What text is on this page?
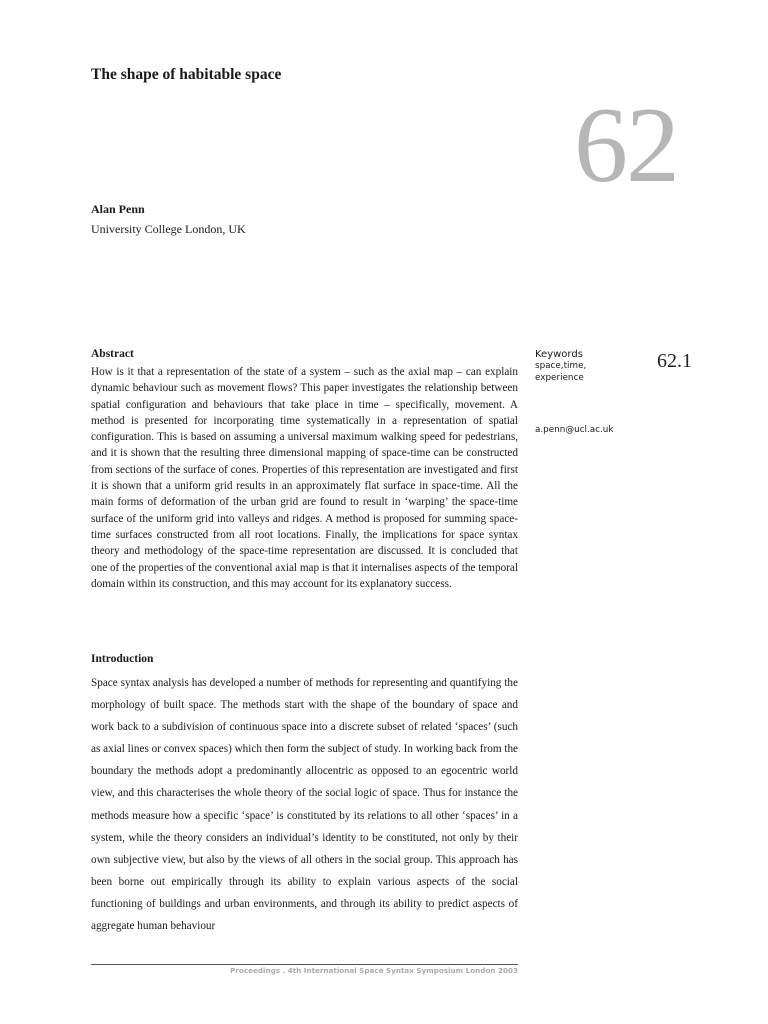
The shape of habitable space
62
Alan Penn
University College London, UK
Abstract

How is it that a representation of the state of a system – such as the axial map – can explain dynamic behaviour such as movement flows? This paper investigates the relationship between spatial configuration and behaviours that take place in time – specifically, movement. A method is presented for incorporating time systematically in a representation of spatial configuration. This is based on assuming a universal maximum walking speed for pedestrians, and it is shown that the resulting three dimensional mapping of space-time can be constructed from sections of the surface of cones. Properties of this representation are investigated and first it is shown that a uniform grid results in an approximately flat surface in space-time. All the main forms of deformation of the urban grid are found to result in ‘warping’ the space-time surface of the uniform grid into valleys and ridges. A method is proposed for summing space-time surfaces constructed from all root locations. Finally, the implications for space syntax theory and methodology of the space-time representation are discussed. It is concluded that one of the properties of the conventional axial map is that it internalises aspects of the temporal domain within its construction, and this may account for its explanatory success.

Introduction

Space syntax analysis has developed a number of methods for representing and quantifying the morphology of built space. The methods start with the shape of the boundary of space and work back to a subdivision of continuous space into a discrete subset of related ‘spaces’ (such as axial lines or convex spaces) which then form the subject of study. In working back from the boundary the methods adopt a predominantly allocentric as opposed to an egocentric world view, and this characterises the whole theory of the social logic of space. Thus for instance the methods measure how a specific ‘space’ is constituted by its relations to all other ‘spaces’ in a system, while the theory considers an individual’s identity to be constituted, not only by their own subjective view, but also by the views of all others in the social group. This approach has been borne out empirically through its ability to explain various aspects of the social functioning of buildings and urban environments, and through its ability to predict aspects of aggregate human behaviour

Keywords
space,time, experience
a.penn@ucl.ac.uk
62.1
Proceedings . 4th International Space Syntax Symposium London 2003
